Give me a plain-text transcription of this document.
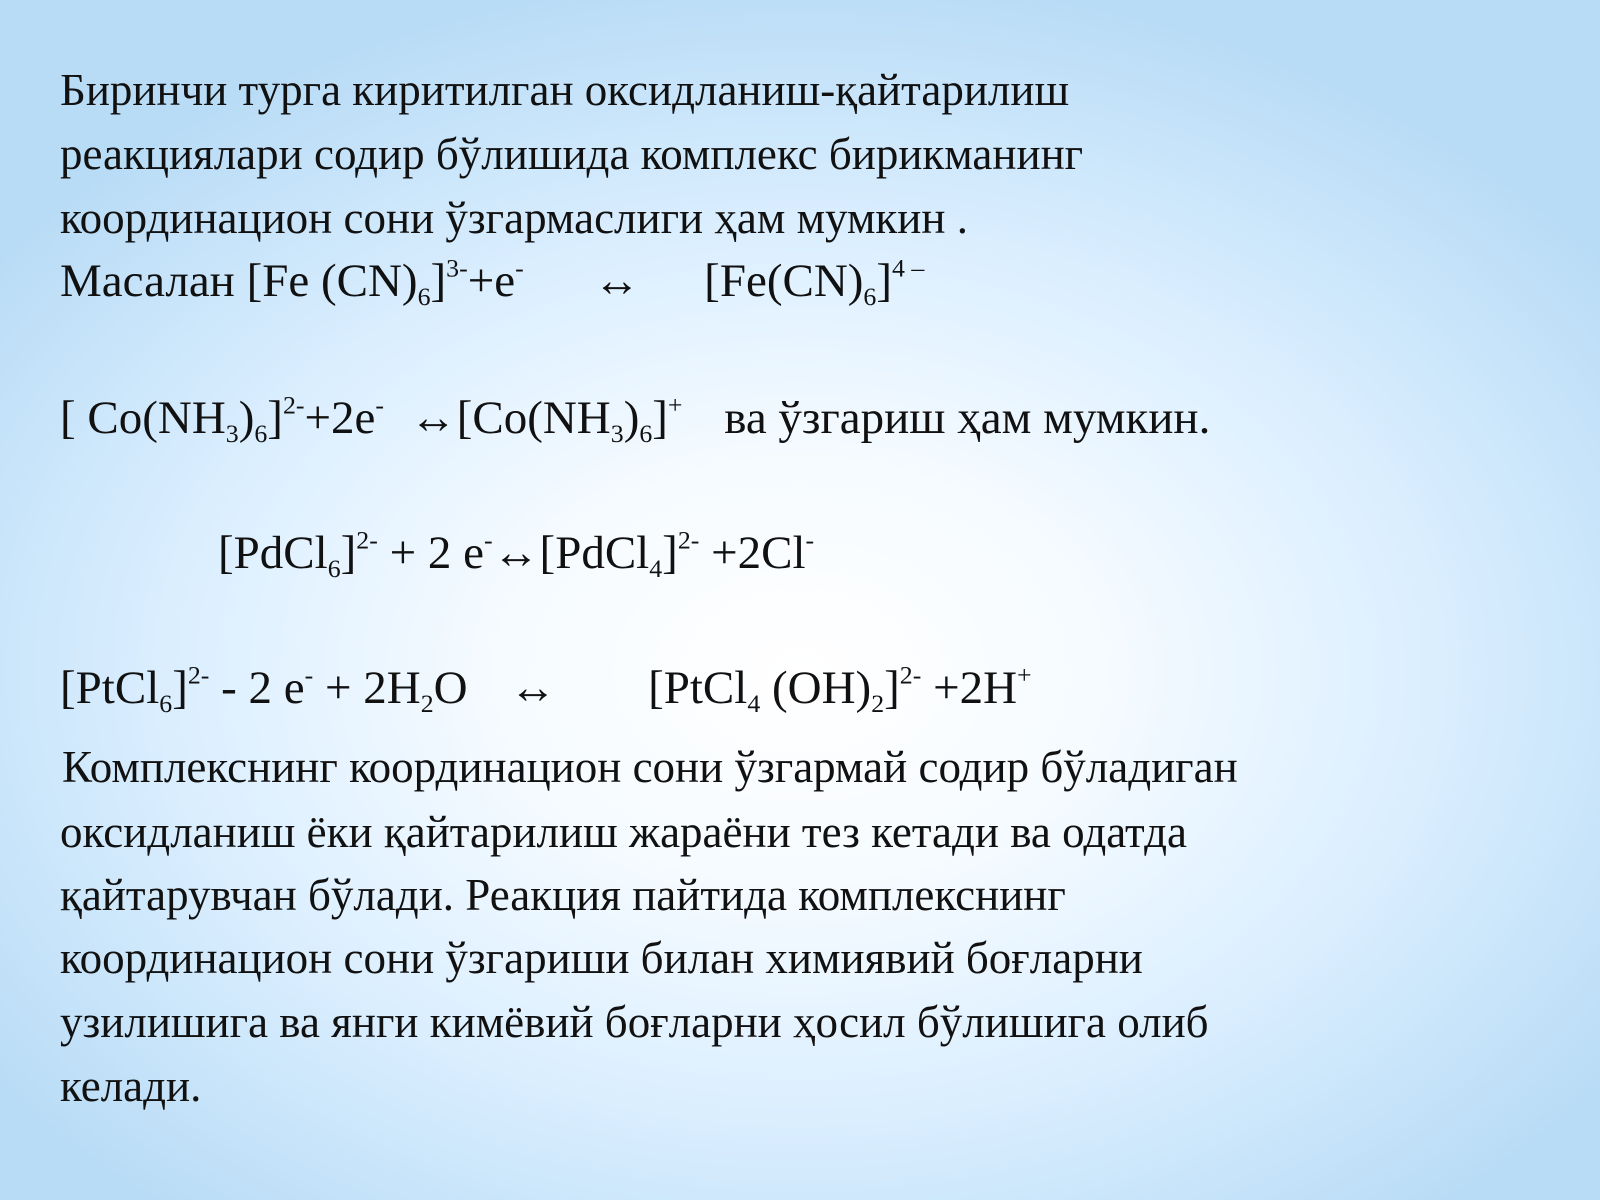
Биринчи турга киритилган оксидланиш-қайтарилиш
реакциялари содир бўлишида комплекс бирикманинг
координацион сони ўзгармаслиги ҳам мумкин .
Масалан [Fe $(CN)_6]^{3-}+e^-$ ↔ $[Fe(CN)_6]^{4 -}$
[ $Co(NH_3)_6]^{2-}+2e^-$ $\leftrightarrow[Co(NH_3)_6]^+$ ва ўзгариш ҳам мумкин.
[PdCl$_6$]$^{2-}$ + 2 e-↔[PdCl$_4$]$^{2-}$ +2Cl-
[PtCl$_6$]$^{2-}$ - 2 $e^- + 2H_2O$ ↔ [PtCl$_4$ $(OH)_2]^{2-} +2H^+$
Комплекснинг координацион сони ўзгармай содир бўладиган
оксидланиш ёки қайтарилиш жараёни тез кетади ва одатда
қайтарувчан бўлади. Реакция пайтида комплекснинг
координацион сони ўзгариши билан химиявий боғларни
узилишига ва янги кимёвий боғларни ҳосил бўлишига олиб
келади.
